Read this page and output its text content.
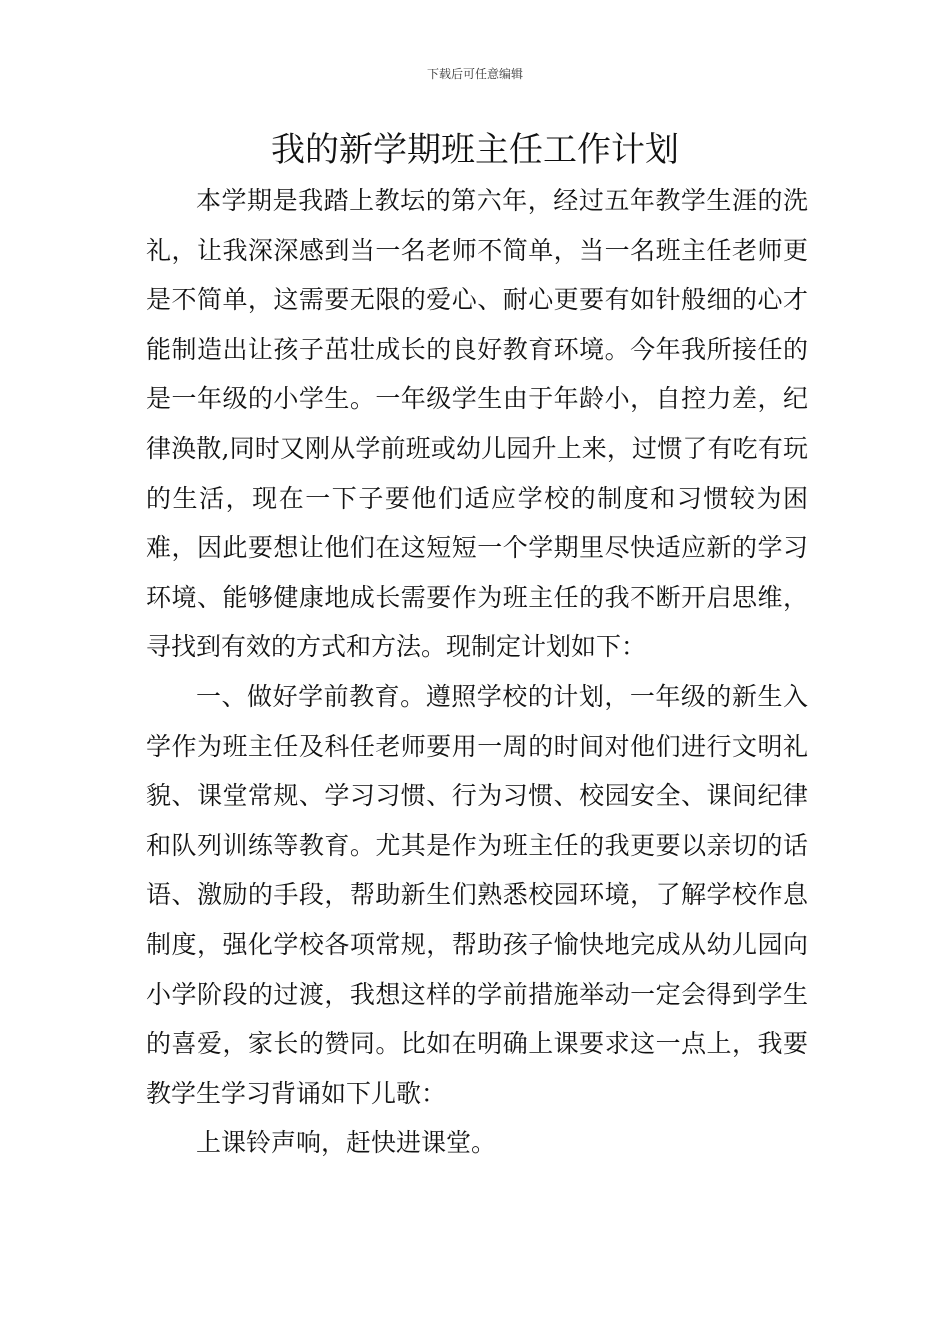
下载后可任意编辑
我的新学期班主任工作计划

本学期是我踏上教坛的第六年，经过五年教学生涯的洗礼，让我深深感到当一名老师不简单，当一名班主任老师更是不简单，这需要无限的爱心、耐心更要有如针般细的心才能制造出让孩子茁壮成长的良好教育环境。今年我所接任的是一年级的小学生。一年级学生由于年龄小，自控力差，纪律涣散,同时又刚从学前班或幼儿园升上来，过惯了有吃有玩的生活，现在一下子要他们适应学校的制度和习惯较为困难，因此要想让他们在这短短一个学期里尽快适应新的学习环境、能够健康地成长需要作为班主任的我不断开启思维，寻找到有效的方式和方法。现制定计划如下：

一、做好学前教育。遵照学校的计划，一年级的新生入学作为班主任及科任老师要用一周的时间对他们进行文明礼貌、课堂常规、学习习惯、行为习惯、校园安全、课间纪律和队列训练等教育。尤其是作为班主任的我更要以亲切的话语、激励的手段，帮助新生们熟悉校园环境，了解学校作息制度，强化学校各项常规，帮助孩子愉快地完成从幼儿园向小学阶段的过渡，我想这样的学前措施举动一定会得到学生的喜爱，家长的赞同。比如在明确上课要求这一点上，我要教学生学习背诵如下儿歌：

上课铃声响，赶快进课堂。
